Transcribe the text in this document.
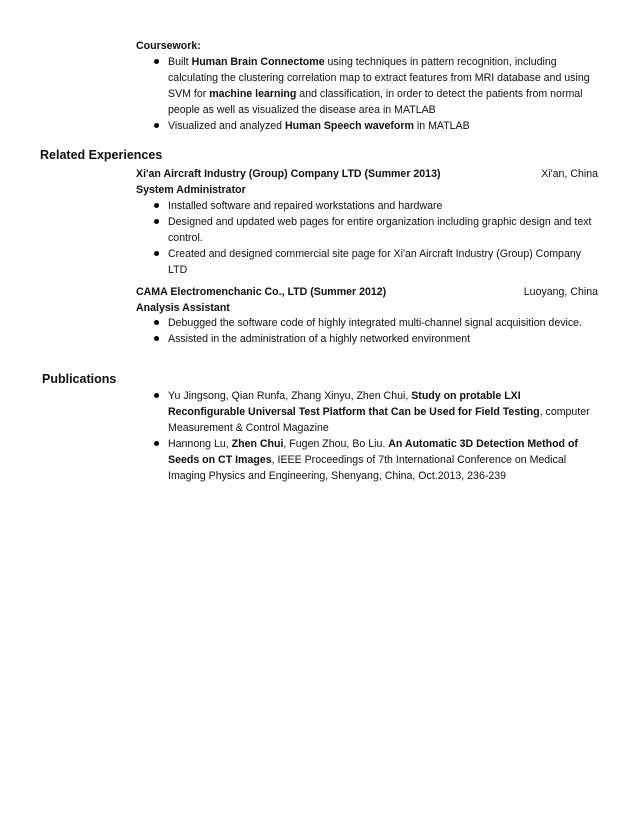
Coursework:
Built Human Brain Connectome using techniques in pattern recognition, including calculating the clustering correlation map to extract features from MRI database and using SVM for machine learning and classification, in order to detect the patients from normal people as well as visualized the disease area in MATLAB
Visualized and analyzed Human Speech waveform in MATLAB
Related Experiences
Xi'an Aircraft Industry (Group) Company LTD (Summer 2013)	Xi'an, China
System Administrator
Installed software and repaired workstations and hardware
Designed and updated web pages for entire organization including graphic design and text control.
Created and designed commercial site page for Xi'an Aircraft Industry (Group) Company LTD
CAMA Electromenchanic Co., LTD (Summer 2012)	Luoyang, China
Analysis Assistant
Debugged the software code of highly integrated multi-channel signal acquisition device.
Assisted in the administration of a highly networked environment
Publications
Yu Jingsong, Qian Runfa, Zhang Xinyu, Zhen Chui, Study on protable LXI Reconfigurable Universal Test Platform that Can be Used for Field Testing, computer Measurement & Control Magazine
Hannong Lu, Zhen Chui, Fugen Zhou, Bo Liu. An Automatic 3D Detection Method of Seeds on CT Images, IEEE Proceedings of 7th International Conference on Medical Imaging Physics and Engineering, Shenyang, China, Oct.2013, 236-239
